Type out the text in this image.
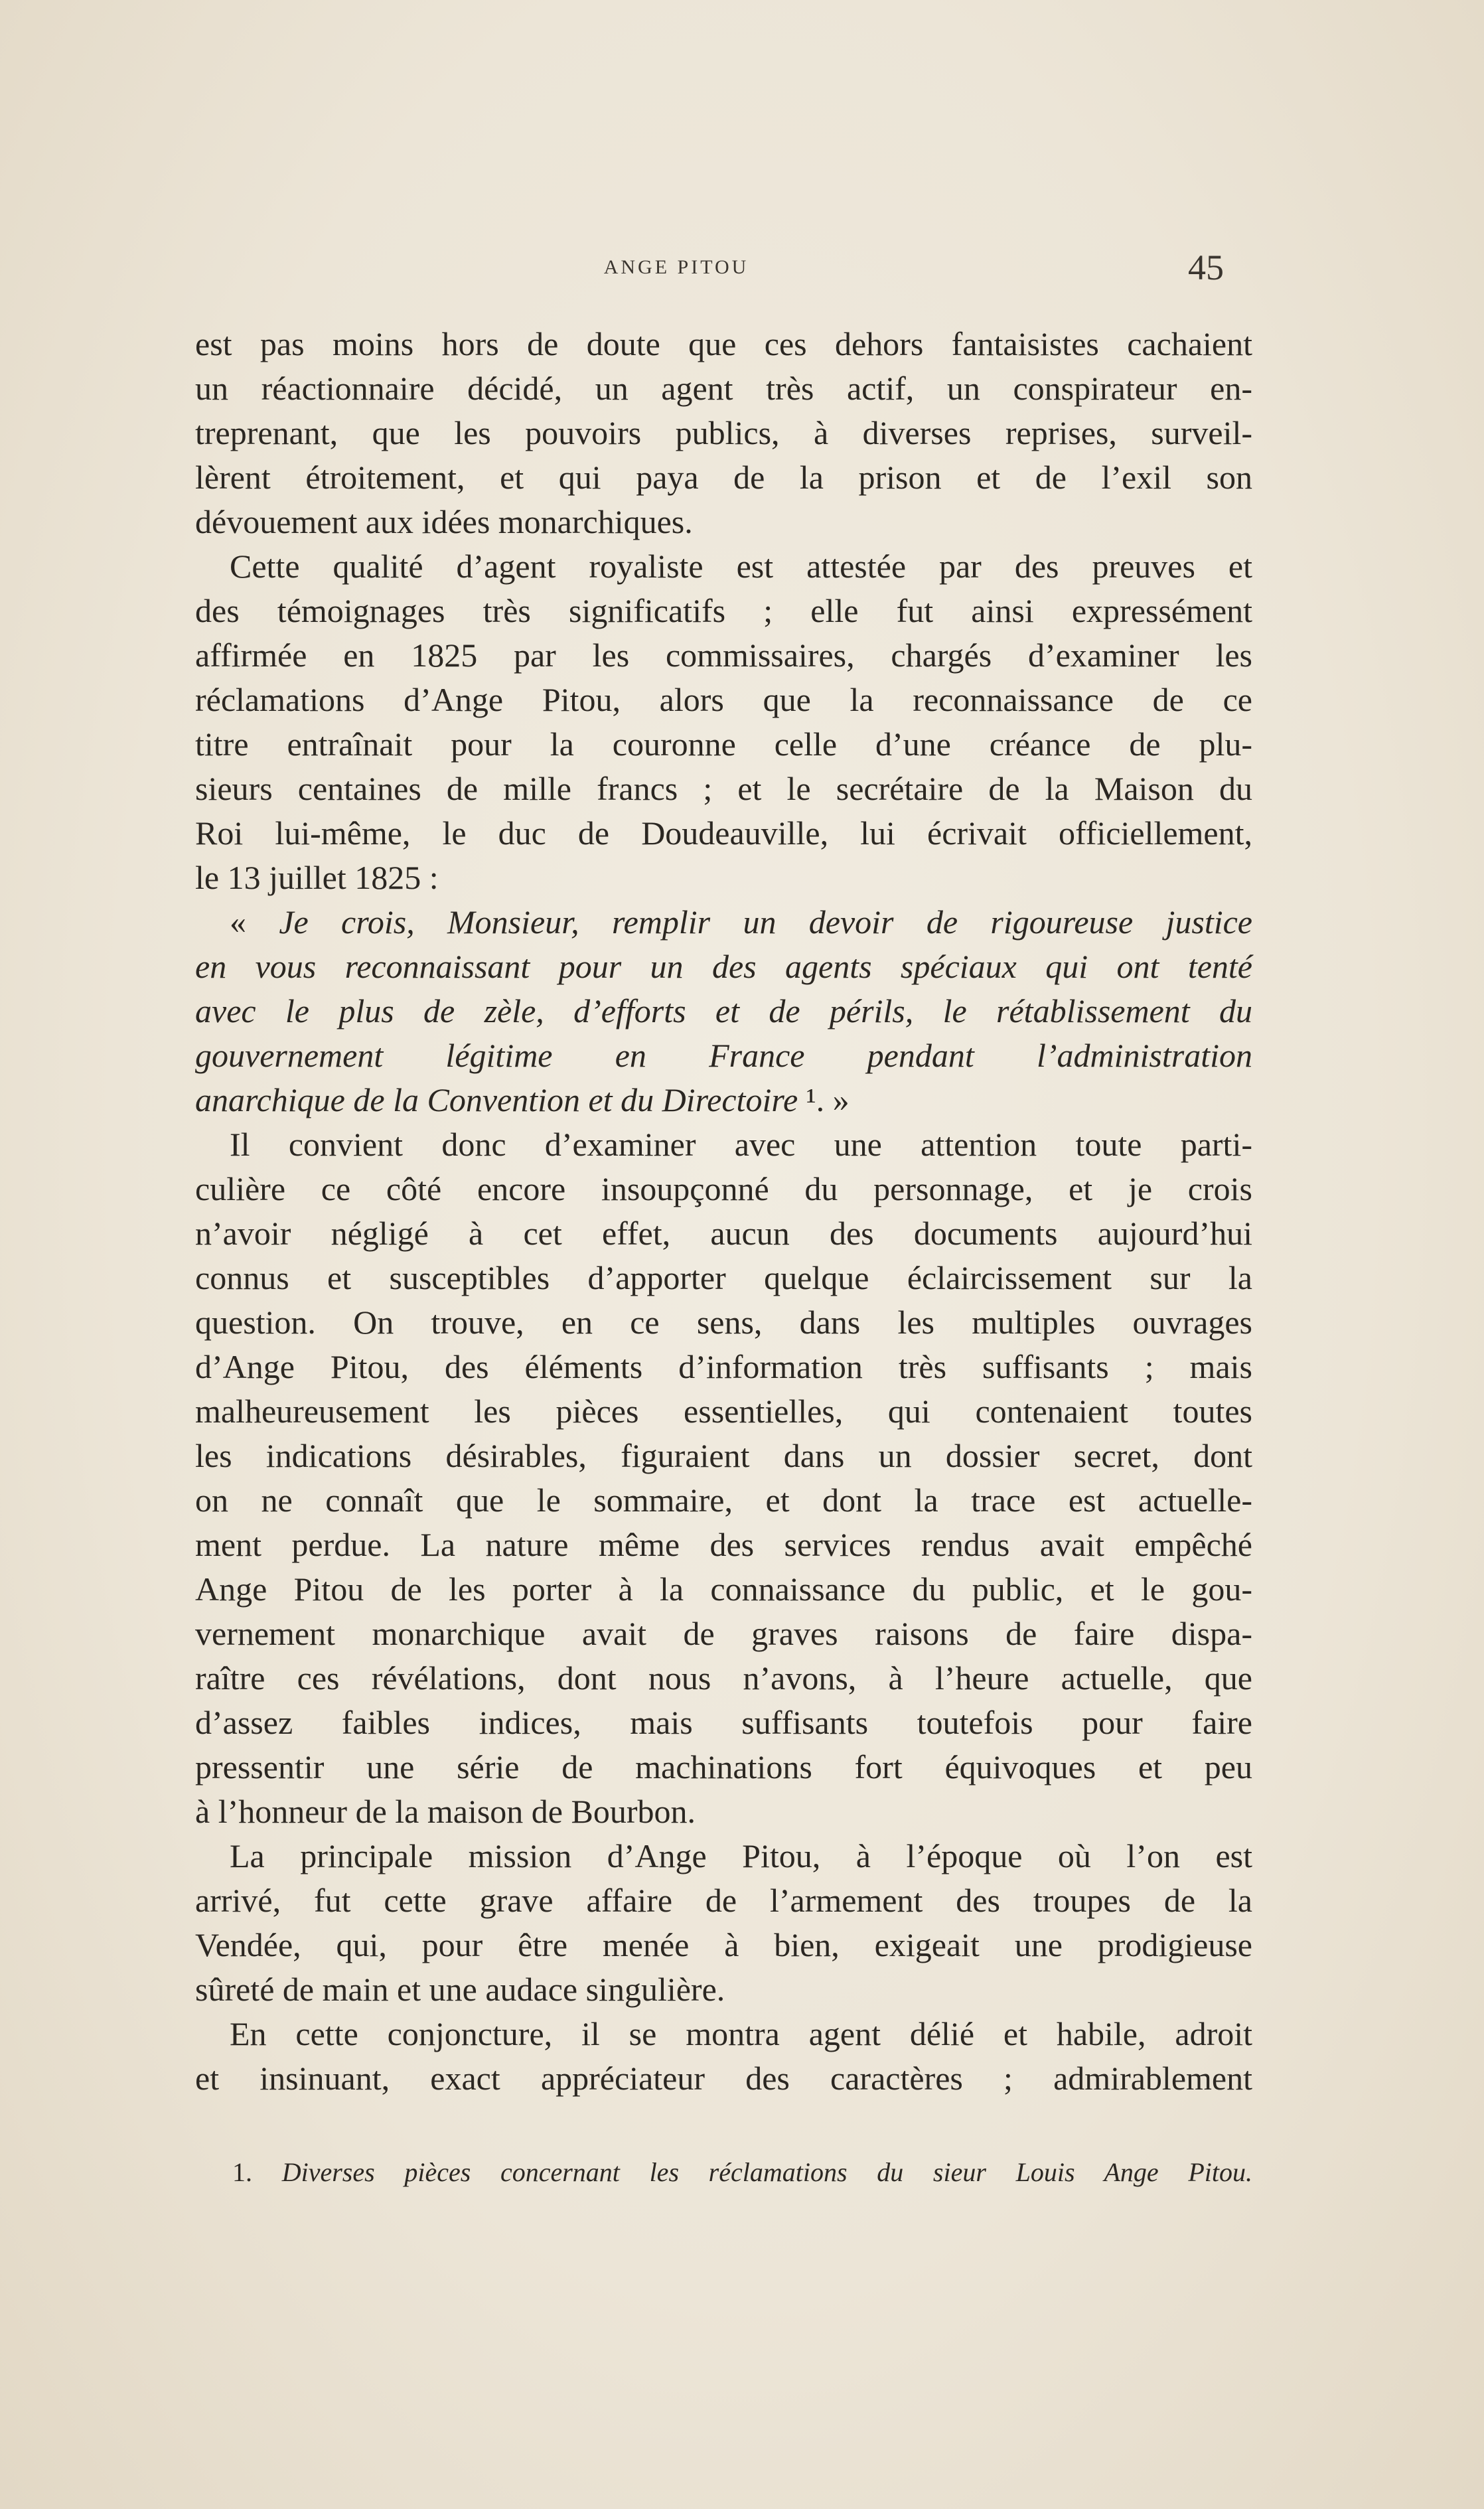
ANGE PITOU	45
est pas moins hors de doute que ces dehors fantaisistes cachaient
un réactionnaire décidé, un agent très actif, un conspirateur en-
treprenant, que les pouvoirs publics, à diverses reprises, surveil-
lèrent étroitement, et qui paya de la prison et de l’exil son
dévouement aux idées monarchiques.
Cette qualité d’agent royaliste est attestée par des preuves et
des témoignages très significatifs ; elle fut ainsi expressément
affirmée en 1825 par les commissaires, chargés d’examiner les
réclamations d’Ange Pitou, alors que la reconnaissance de ce
titre entraînait pour la couronne celle d’une créance de plu-
sieurs centaines de mille francs ; et le secrétaire de la Maison du
Roi lui-même, le duc de Doudeauville, lui écrivait officiellement,
le 13 juillet 1825 :
« Je crois, Monsieur, remplir un devoir de rigoureuse justice
en vous reconnaissant pour un des agents spéciaux qui ont tenté
avec le plus de zèle, d’efforts et de périls, le rétablissement du
gouvernement légitime en France pendant l’administration
anarchique de la Convention et du Directoire ¹. »
Il convient donc d’examiner avec une attention toute parti-
culière ce côté encore insoupçonné du personnage, et je crois
n’avoir négligé à cet effet, aucun des documents aujourd’hui
connus et susceptibles d’apporter quelque éclaircissement sur la
question. On trouve, en ce sens, dans les multiples ouvrages
d’Ange Pitou, des éléments d’information très suffisants ; mais
malheureusement les pièces essentielles, qui contenaient toutes
les indications désirables, figuraient dans un dossier secret, dont
on ne connaît que le sommaire, et dont la trace est actuelle-
ment perdue. La nature même des services rendus avait empêché
Ange Pitou de les porter à la connaissance du public, et le gou-
vernement monarchique avait de graves raisons de faire dispa-
raître ces révélations, dont nous n’avons, à l’heure actuelle, que
d’assez faibles indices, mais suffisants toutefois pour faire
pressentir une série de machinations fort équivoques et peu
à l’honneur de la maison de Bourbon.
La principale mission d’Ange Pitou, à l’époque où l’on est
arrivé, fut cette grave affaire de l’armement des troupes de la
Vendée, qui, pour être menée à bien, exigeait une prodigieuse
sûreté de main et une audace singulière.
En cette conjoncture, il se montra agent délié et habile, adroit
et insinuant, exact appréciateur des caractères ; admirablement
1. Diverses pièces concernant les réclamations du sieur Louis Ange Pitou.
